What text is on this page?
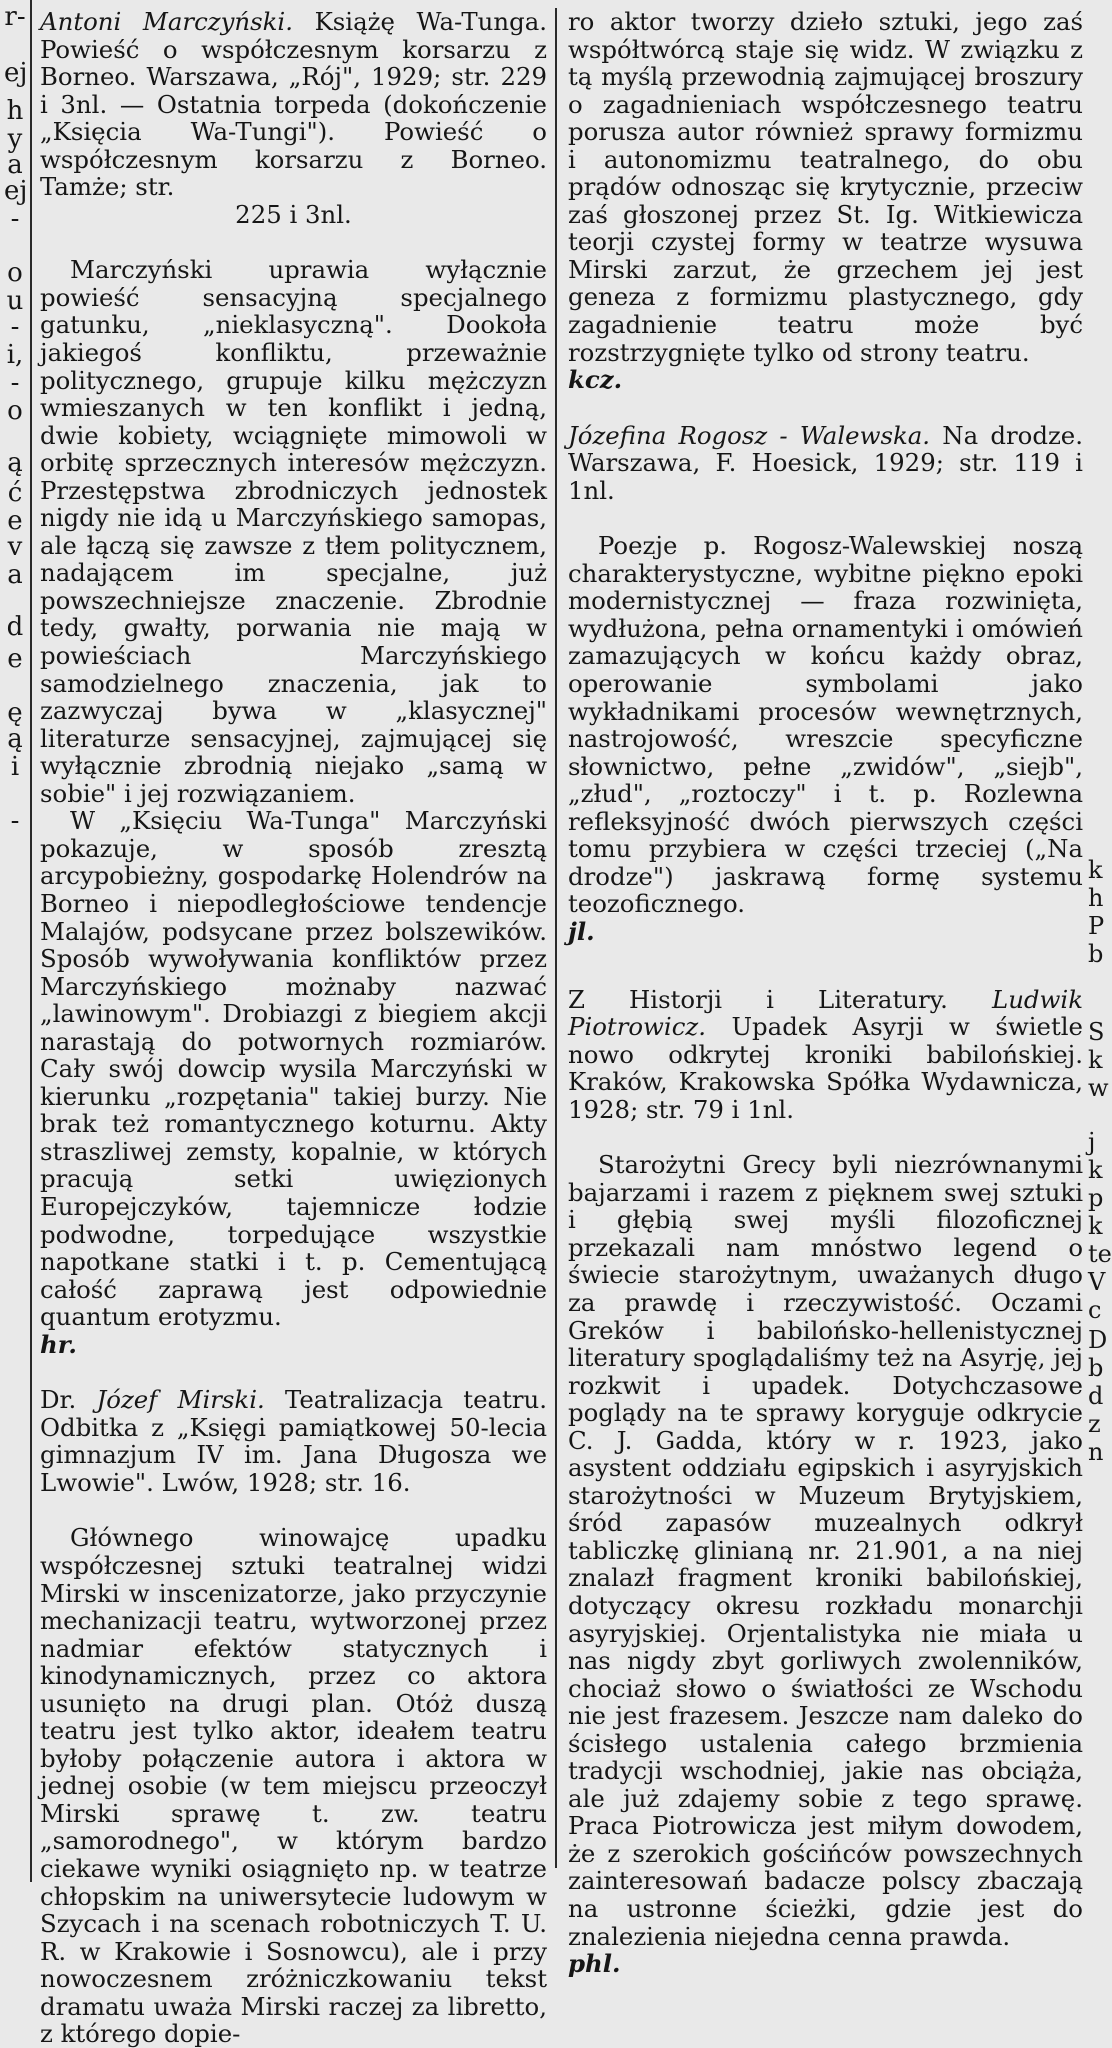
r-
ej
h
y
a
ej
-
o
u
-
i,
-
o
ą
ć
e
v
a
d
e
ę
ą
i
-
Antoni Marczyński. Książę Wa-Tunga. Powieść o współczesnym korsarzu z Borneo. Warszawa, „Rój", 1929; str. 229 i 3nl. — Ostatnia torpeda (dokończenie „Księcia Wa-Tungi"). Powieść o współczesnym korsarzu z Borneo. Tamże; str.
225 i 3nl.

Marczyński uprawia wyłącznie powieść sensacyjną specjalnego gatunku, „nieklasyczną". Dookoła jakiegoś konfliktu, przeważnie politycznego, grupuje kilku mężczyzn wmieszanych w ten konflikt i jedną, dwie kobiety, wciągnięte mimowoli w orbitę sprzecznych interesów mężczyzn. Przestępstwa zbrodniczych jednostek nigdy nie idą u Marczyńskiego samopas, ale łączą się zawsze z tłem politycznem, nadającem im specjalne, już powszechniejsze znaczenie. Zbrodnie tedy, gwałty, porwania nie mają w powieściach Marczyńskiego samodzielnego znaczenia, jak to zazwyczaj bywa w „klasycznej" literaturze sensacyjnej, zajmującej się wyłącznie zbrodnią niejako „samą w sobie" i jej rozwiązaniem.

W „Księciu Wa-Tunga" Marczyński pokazuje, w sposób zresztą arcypobieżny, gospodarkę Holendrów na Borneo i niepodległościowe tendencje Malajów, podsycane przez bolszewików. Sposób wywoływania konfliktów przez Marczyńskiego możnaby nazwać „lawinowym". Drobiazgi z biegiem akcji narastają do potwornych rozmiarów. Cały swój dowcip wysila Marczyński w kierunku „rozpętania" takiej burzy. Nie brak też romantycznego koturnu. Akty straszliwej zemsty, kopalnie, w których pracują setki uwięzionych Europejczyków, tajemnicze łodzie podwodne, torpedujące wszystkie napotkane statki i t. p. Cementującą całość zaprawą jest odpowiednie quantum erotyzmu.

hr.

Dr. Józef Mirski. Teatralizacja teatru. Odbitka z „Księgi pamiątkowej 50-lecia gimnazjum IV im. Jana Długosza we Lwowie". Lwów, 1928; str. 16.

Głównego winowajcę upadku współczesnej sztuki teatralnej widzi Mirski w inscenizatorze, jako przyczynie mechanizacji teatru, wytworzonej przez nadmiar efektów statycznych i kinodynamicznych, przez co aktora usunięto na drugi plan. Otóż duszą teatru jest tylko aktor, ideałem teatru byłoby połączenie autora i aktora w jednej osobie (w tem miejscu przeoczył Mirski sprawę t. zw. teatru „samorodnego", w którym bardzo ciekawe wyniki osiągnięto np. w teatrze chłopskim na uniwersytecie ludowym w Szycach i na scenach robotniczych T. U. R. w Krakowie i Sosnowcu), ale i przy nowoczesnem zróżniczkowaniu tekst dramatu uważa Mirski raczej za libretto, z którego dopie-

ro aktor tworzy dzieło sztuki, jego zaś współtwórcą staje się widz. W związku z tą myślą przewodnią zajmującej broszury o zagadnieniach współczesnego teatru porusza autor również sprawy formizmu i autonomizmu teatralnego, do obu prądów odnosząc się krytycznie, przeciw zaś głoszonej przez St. Ig. Witkiewicza teorji czystej formy w teatrze wysuwa Mirski zarzut, że grzechem jej jest geneza z formizmu plastycznego, gdy zagadnienie teatru może być rozstrzygnięte tylko od strony teatru.

kcz.

Józefina Rogosz - Walewska. Na drodze. Warszawa, F. Hoesick, 1929; str. 119 i 1nl.

Poezje p. Rogosz-Walewskiej noszą charakterystyczne, wybitne piękno epoki modernistycznej — fraza rozwinięta, wydłużona, pełna ornamentyki i omówień zamazujących w końcu każdy obraz, operowanie symbolami jako wykładnikami procesów wewnętrznych, nastrojowość, wreszcie specyficzne słownictwo, pełne „zwidów", „siejb", „złud", „roztoczy" i t. p. Rozlewna refleksyjność dwóch pierwszych części tomu przybiera w części trzeciej („Na drodze") jaskrawą formę systemu teozoficznego.

jl.

Z Historji i Literatury. Ludwik Piotrowicz. Upadek Asyrji w świetle nowo odkrytej kroniki babilońskiej. Kraków, Krakowska Spółka Wydawnicza, 1928; str. 79 i 1nl.

Starożytni Grecy byli niezrównanymi bajarzami i razem z pięknem swej sztuki i głębią swej myśli filozoficznej przekazali nam mnóstwo legend o świecie starożytnym, uważanych długo za prawdę i rzeczywistość. Oczami Greków i babilońsko-hellenistycznej literatury spoglądaliśmy też na Asyrję, jej rozkwit i upadek. Dotychczasowe poglądy na te sprawy koryguje odkrycie C. J. Gadda, który w r. 1923, jako asystent oddziału egipskich i asyryjskich starożytności w Muzeum Brytyjskiem, śród zapasów muzealnych odkrył tabliczkę glinianą nr. 21.901, a na niej znalazł fragment kroniki babilońskiej, dotyczący okresu rozkładu monarchji asyryjskiej. Orjentalistyka nie miała u nas nigdy zbyt gorliwych zwolenników, chociaż słowo o światłości ze Wschodu nie jest frazesem. Jeszcze nam daleko do ścisłego ustalenia całego brzmienia tradycji wschodniej, jakie nas obciąża, ale już zdajemy sobie z tego sprawę. Praca Piotrowicza jest miłym dowodem, że z szerokich gościńców powszechnych zainteresowań badacze polscy zbaczają na ustronne ścieżki, gdzie jest do znalezienia niejedna cenna prawda.

phl.

k
h
P
b
S
k
w
j
k
p
k
te
V
c
D
b
d
z
n
